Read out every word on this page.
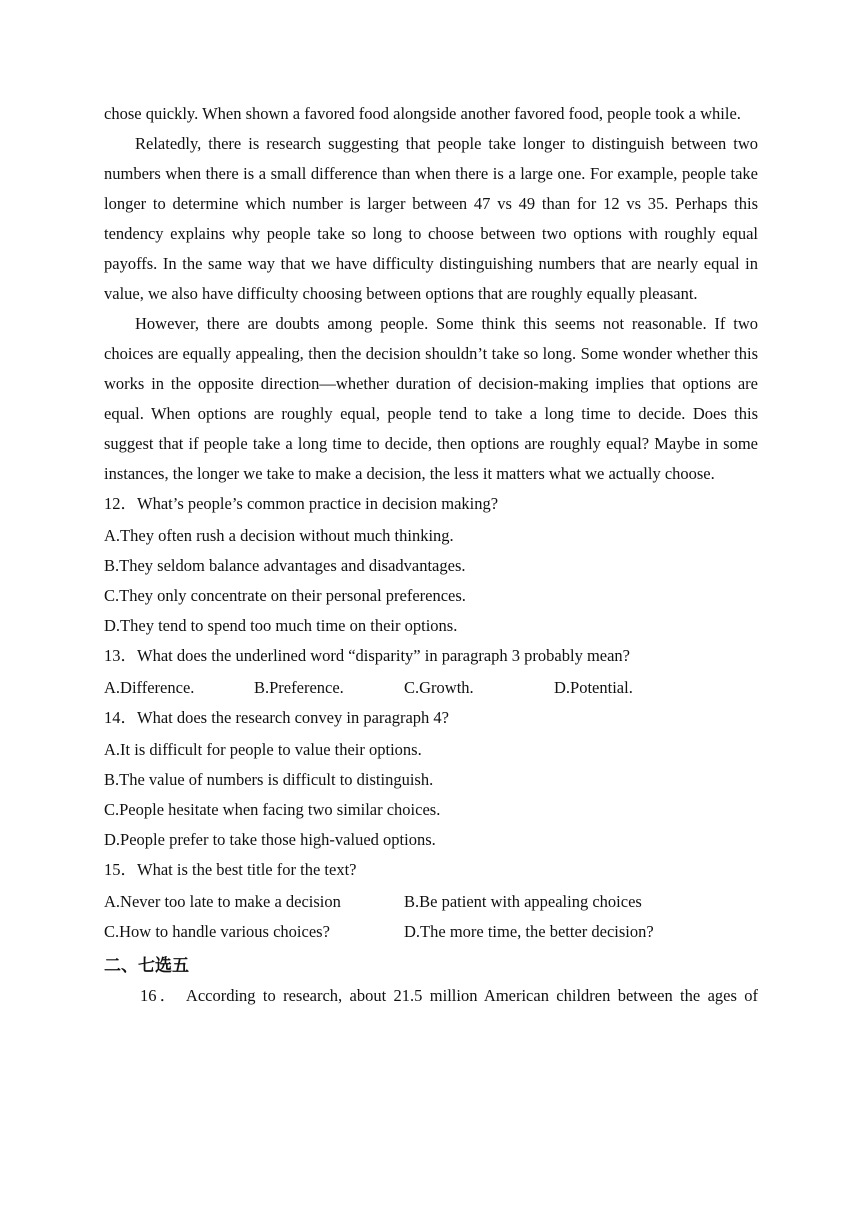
chose quickly. When shown a favored food alongside another favored food, people took a while.

Relatedly, there is research suggesting that people take longer to distinguish between two numbers when there is a small difference than when there is a large one. For example, people take longer to determine which number is larger between 47 vs 49 than for 12 vs 35. Perhaps this tendency explains why people take so long to choose between two options with roughly equal payoffs. In the same way that we have difficulty distinguishing numbers that are nearly equal in value, we also have difficulty choosing between options that are roughly equally pleasant.

However, there are doubts among people. Some think this seems not reasonable. If two choices are equally appealing, then the decision shouldn’t take so long. Some wonder whether this works in the opposite direction—whether duration of decision-making implies that options are equal. When options are roughly equal, people tend to take a long time to decide. Does this suggest that if people take a long time to decide, then options are roughly equal? Maybe in some instances, the longer we take to make a decision, the less it matters what we actually choose.

12．What’s people’s common practice in decision making?

A.They often rush a decision without much thinking.

B.They seldom balance advantages and disadvantages.

C.They only concentrate on their personal preferences.

D.They tend to spend too much time on their options.

13．What does the underlined word “disparity” in paragraph 3 probably mean?

A.Difference.	B.Preference.	C.Growth.	D.Potential.

14．What does the research convey in paragraph 4?

A.It is difficult for people to value their options.

B.The value of numbers is difficult to distinguish.

C.People hesitate when facing two similar choices.

D.People prefer to take those high-valued options.

15．What is the best title for the text?

A.Never too late to make a decision	B.Be patient with appealing choices
C.How to handle various choices?	D.The more time, the better decision?
二、七选五

16． According to research, about 21.5 million American children between the ages of
